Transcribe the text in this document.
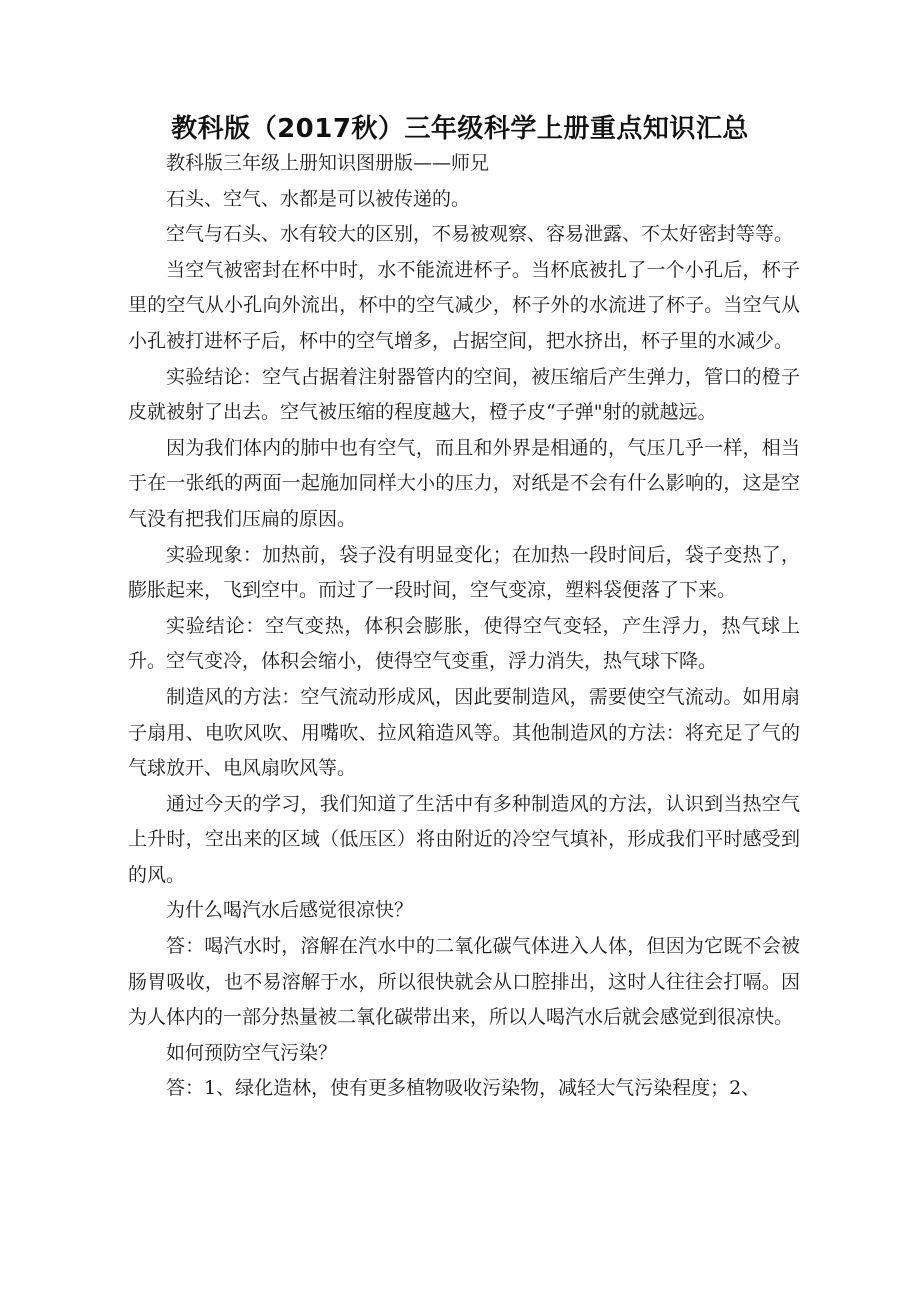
教科版（2017秋）三年级科学上册重点知识汇总

教科版三年级上册知识图册版——师兄

石头、空气、水都是可以被传递的。

空气与石头、水有较大的区别，不易被观察、容易泄露、不太好密封等等。

当空气被密封在杯中时，水不能流进杯子。当杯底被扎了一个小孔后，杯子里的空气从小孔向外流出，杯中的空气减少，杯子外的水流进了杯子。当空气从小孔被打进杯子后，杯中的空气增多，占据空间，把水挤出，杯子里的水减少。

实验结论：空气占据着注射器管内的空间，被压缩后产生弹力，管口的橙子皮就被射了出去。空气被压缩的程度越大，橙子皮“子弹"射的就越远。

因为我们体内的肺中也有空气，而且和外界是相通的，气压几乎一样，相当于在一张纸的两面一起施加同样大小的压力，对纸是不会有什么影响的，这是空气没有把我们压扁的原因。

实验现象：加热前，袋子没有明显变化；在加热一段时间后，袋子变热了，膨胀起来，飞到空中。而过了一段时间，空气变凉，塑料袋便落了下来。

实验结论：空气变热，体积会膨胀，使得空气变轻，产生浮力，热气球上升。空气变冷，体积会缩小，使得空气变重，浮力消失，热气球下降。

制造风的方法：空气流动形成风，因此要制造风，需要使空气流动。如用扇子扇用、电吹风吹、用嘴吹、拉风箱造风等。其他制造风的方法：将充足了气的气球放开、电风扇吹风等。

通过今天的学习，我们知道了生活中有多种制造风的方法，认识到当热空气上升时，空出来的区域（低压区）将由附近的冷空气填补，形成我们平时感受到的风。

为什么喝汽水后感觉很凉快？

答：喝汽水时，溶解在汽水中的二氧化碳气体进入人体，但因为它既不会被肠胃吸收，也不易溶解于水，所以很快就会从口腔排出，这时人往往会打嗝。因为人体内的一部分热量被二氧化碳带出来，所以人喝汽水后就会感觉到很凉快。

如何预防空气污染？

答：1、绿化造林，使有更多植物吸收污染物，减轻大气污染程度；2、
